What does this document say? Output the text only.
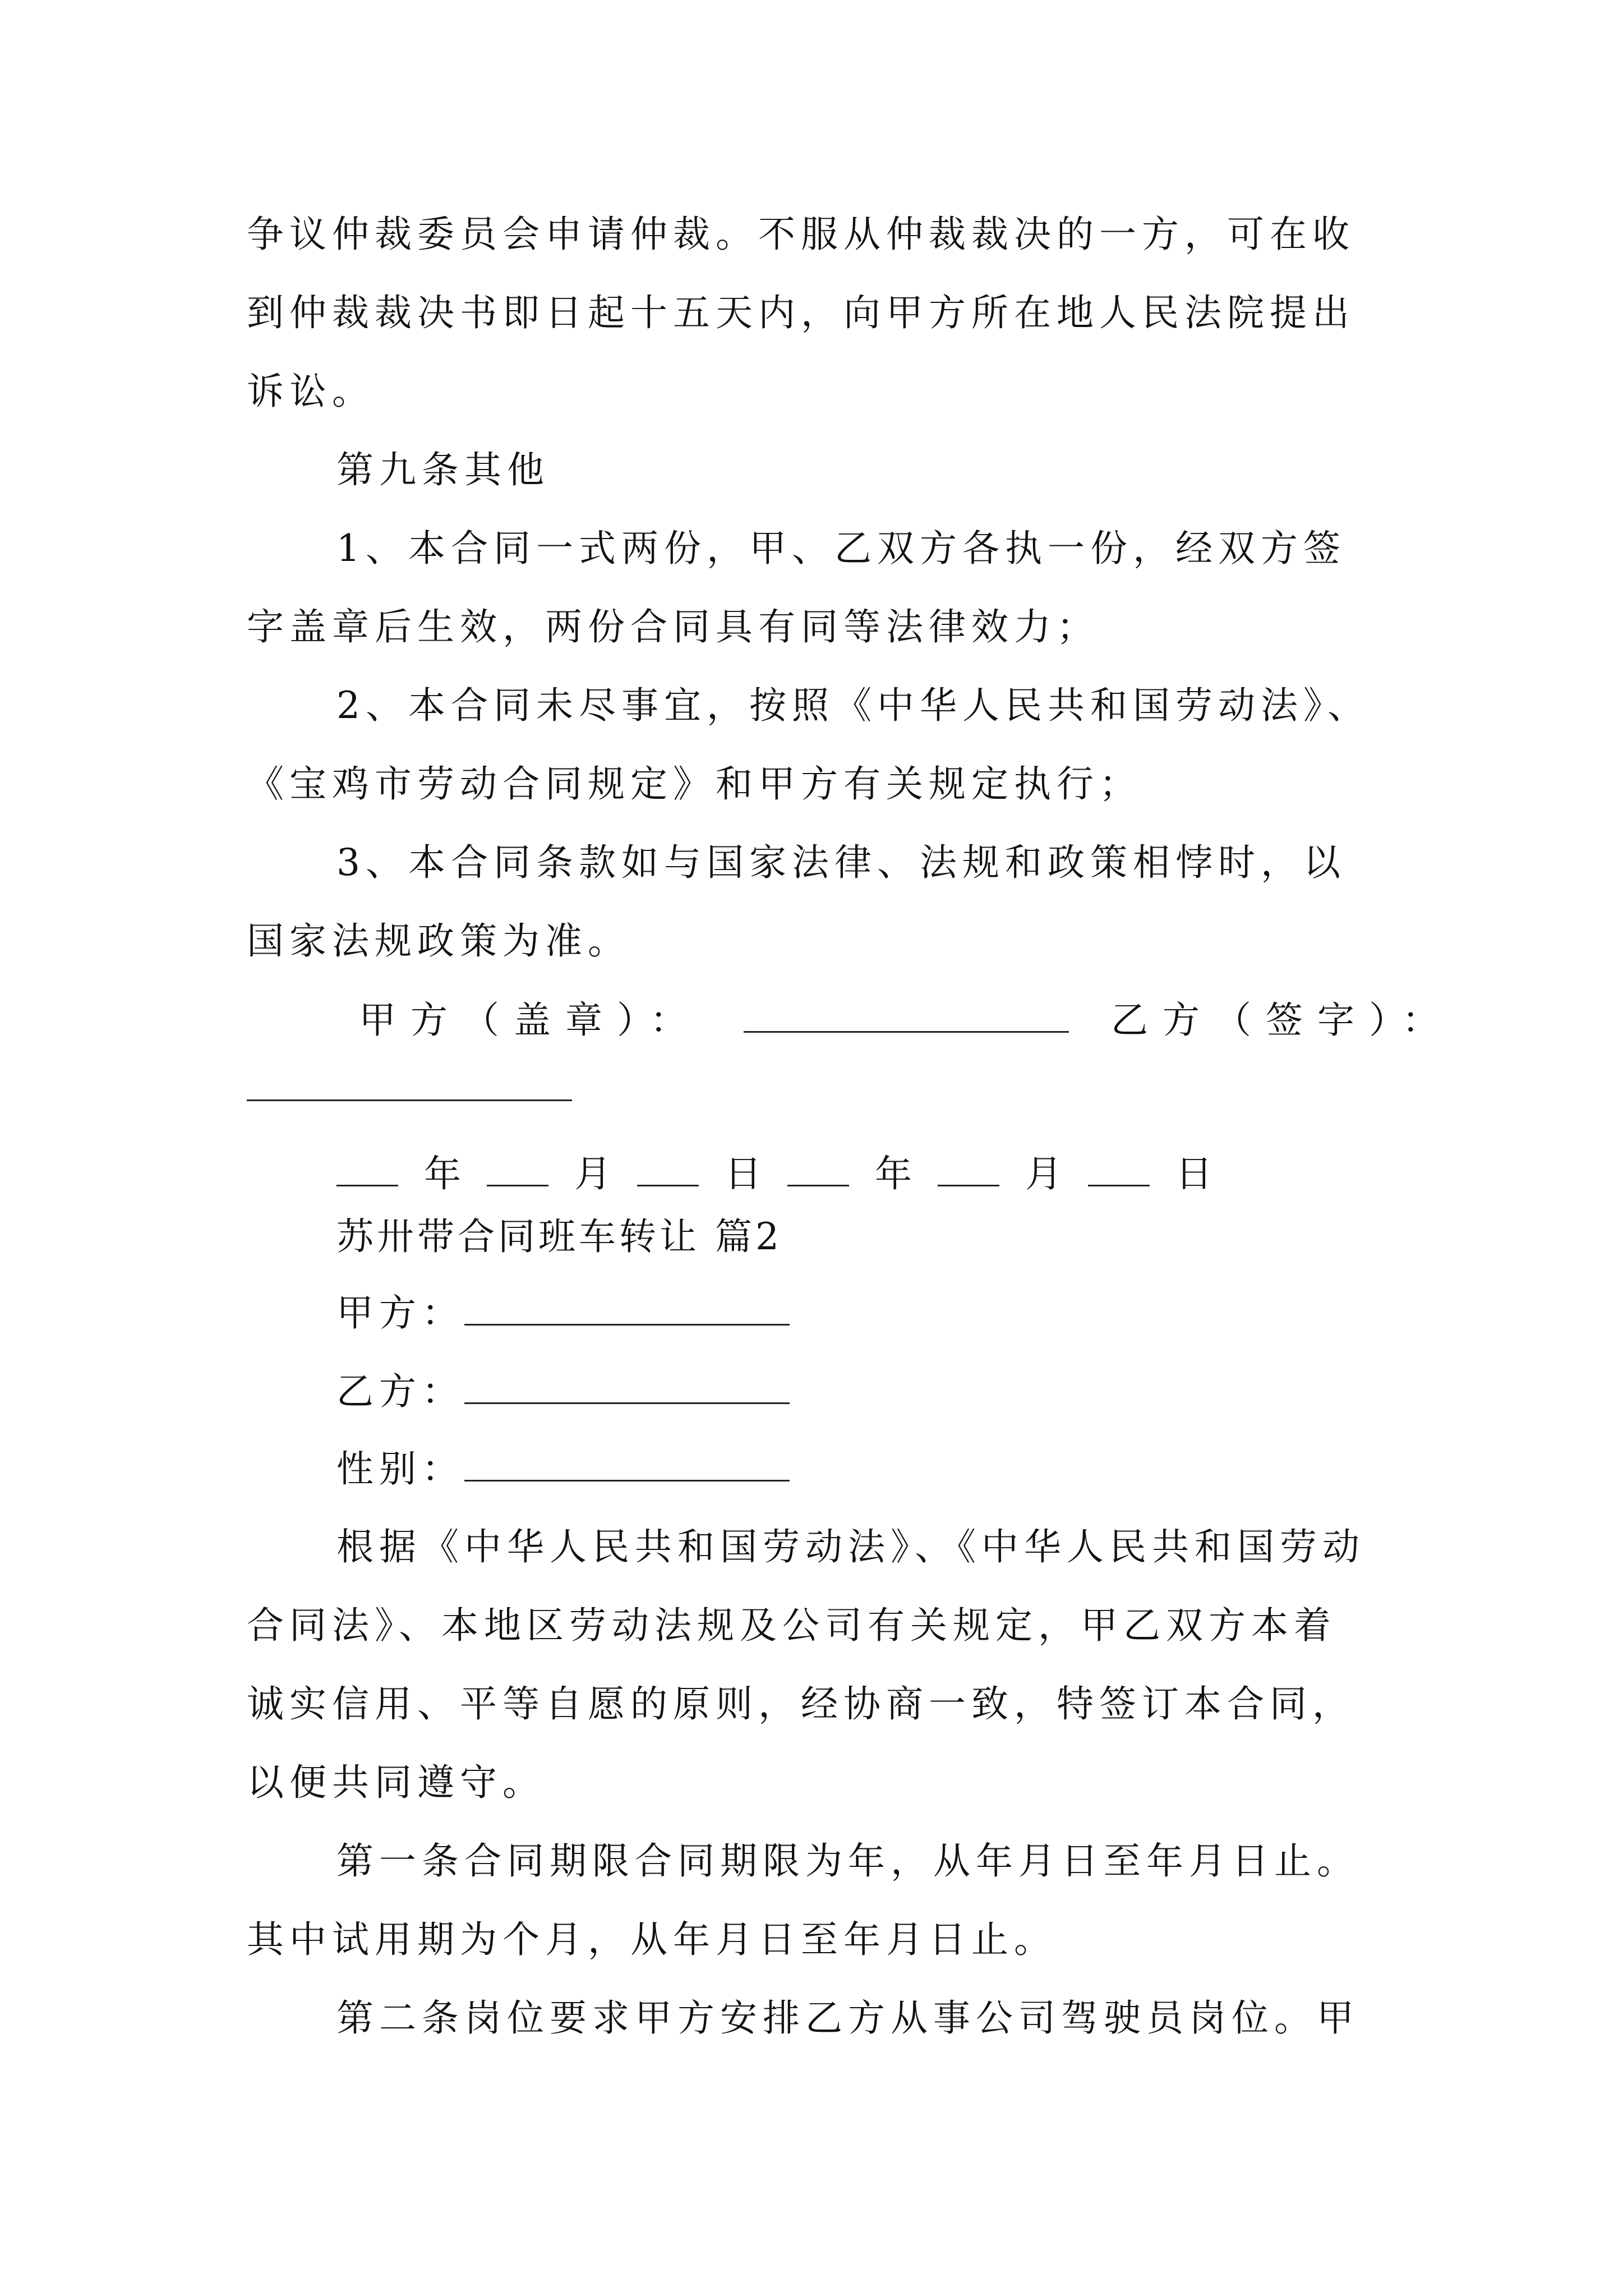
争议仲裁委员会申请仲裁。不服从仲裁裁决的一方，可在收
到仲裁裁决书即日起十五天内，向甲方所在地人民法院提出
诉讼。
第九条其他
1、本合同一式两份，甲、乙双方各执一份，经双方签
字盖章后生效，两份合同具有同等法律效力；
2、本合同未尽事宜，按照《中华人民共和国劳动法》、
《宝鸡市劳动合同规定》和甲方有关规定执行；
3、本合同条款如与国家法律、法规和政策相悖时，以
国家法规政策为准。
甲方（盖章）：	乙方（签字）：
年	月	日	年	月	日
苏卅带合同班车转让 篇2
甲方：
乙方：
性别：
根据《中华人民共和国劳动法》、《中华人民共和国劳动
合同法》、本地区劳动法规及公司有关规定，甲乙双方本着
诚实信用、平等自愿的原则，经协商一致，特签订本合同，
以便共同遵守。
第一条合同期限合同期限为年，从年月日至年月日止。
其中试用期为个月，从年月日至年月日止。
第二条岗位要求甲方安排乙方从事公司驾驶员岗位。甲
